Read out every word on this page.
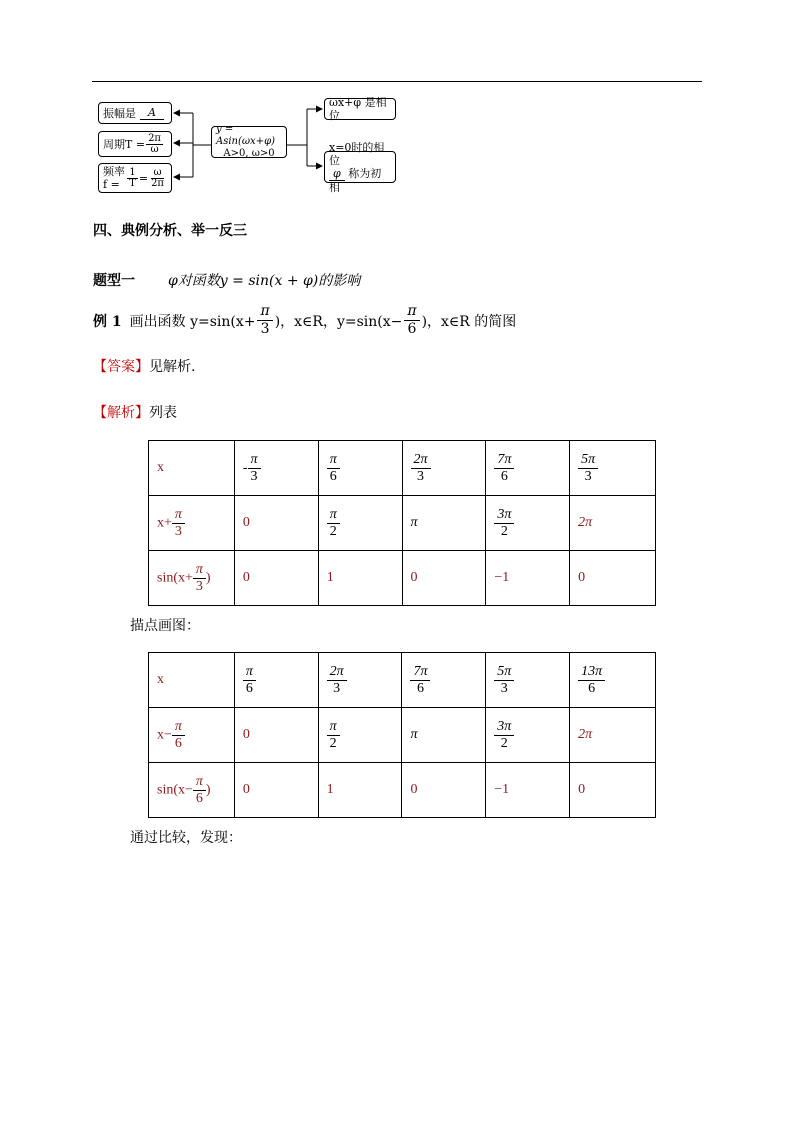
振幅是	A
周期$T = \frac{2\pi}{\omega}$
频率$f = \frac{1}{T} = \frac{\omega}{2\pi}$
y = Asin(ωx+φ)
A>0, ω>0
ωx+φ 是相位
x=0时的相位
φ 称为初相
四、典例分析、举一反三
题型一 φ对函数y = sin(x + φ)的影响
例 1 画出函数 $y=\sin(x+ \frac{\pi}{3}$ )，x∈R，$y=\sin(x- \frac{\pi}{6}$ )，x∈R 的简图
【答案】见解析.
【解析】列表
x	- $\frac{\pi}{3}$	$\frac{\pi}{6}$	$\frac{2\pi}{3}$	$\frac{7\pi}{6}$	$\frac{5\pi}{3}$

$x+ \frac{\pi}{3}$	0	$\frac{\pi}{2}$	π	$\frac{3\pi}{2}$	2π
$\sin(x+ \frac{\pi}{3}$ )	0	1	0	−1	0
描点画图：
x	$\frac{\pi}{6}$	$\frac{2\pi}{3}$	$\frac{7\pi}{6}$	$\frac{5\pi}{3}$	$\frac{13\pi}{6}$

$x- \frac{\pi}{6}$	0	$\frac{\pi}{2}$	π	$\frac{3\pi}{2}$	2π
$\sin(x- \frac{\pi}{6}$ )	0	1	0	−1	0
通过比较，发现：
